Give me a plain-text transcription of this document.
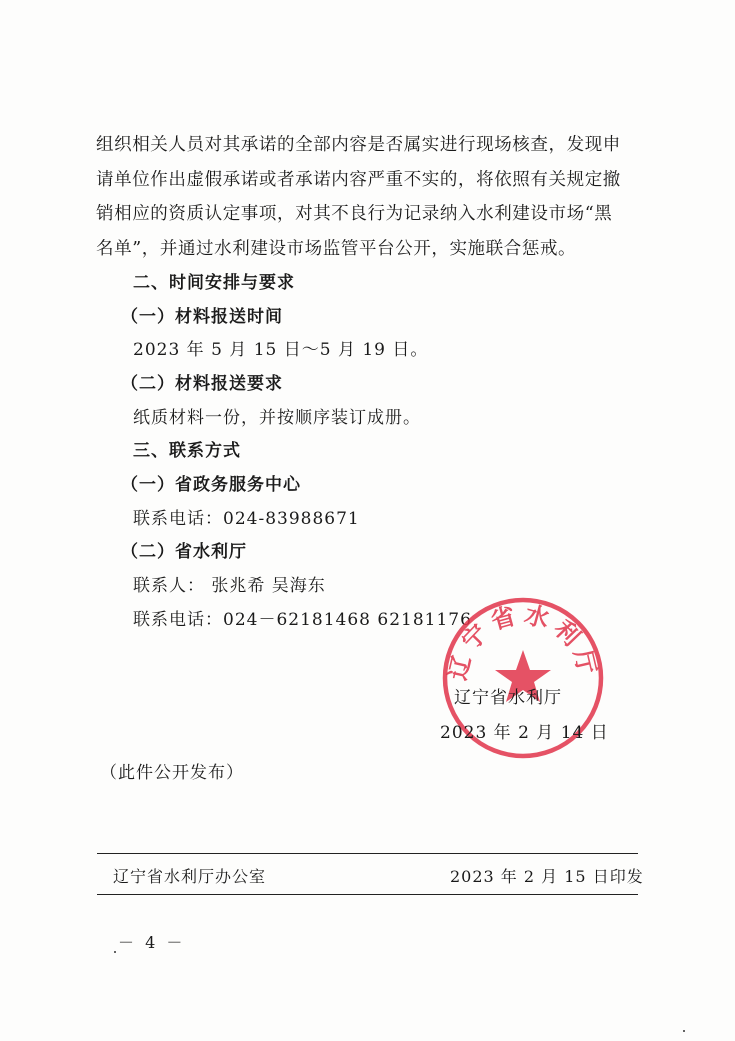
组织相关人员对其承诺的全部内容是否属实进行现场核查，发现申
请单位作出虚假承诺或者承诺内容严重不实的，将依照有关规定撤
销相应的资质认定事项，对其不良行为记录纳入水利建设市场“黑
名单”，并通过水利建设市场监管平台公开，实施联合惩戒。
二、时间安排与要求
（一）材料报送时间
2023 年 5 月 15 日～5 月 19 日。
（二）材料报送要求
纸质材料一份，并按顺序装订成册。
三、联系方式
（一）省政务服务中心
联系电话：024-83988671
（二）省水利厅
联系人： 张兆希 吴海东
联系电话：024－62181468 62181176
辽宁省水利厅
辽宁省水利厅
2023 年 2 月 14 日
（此件公开发布）
辽宁省水利厅办公室	2023 年 2 月 15 日印发
－ 4 －
